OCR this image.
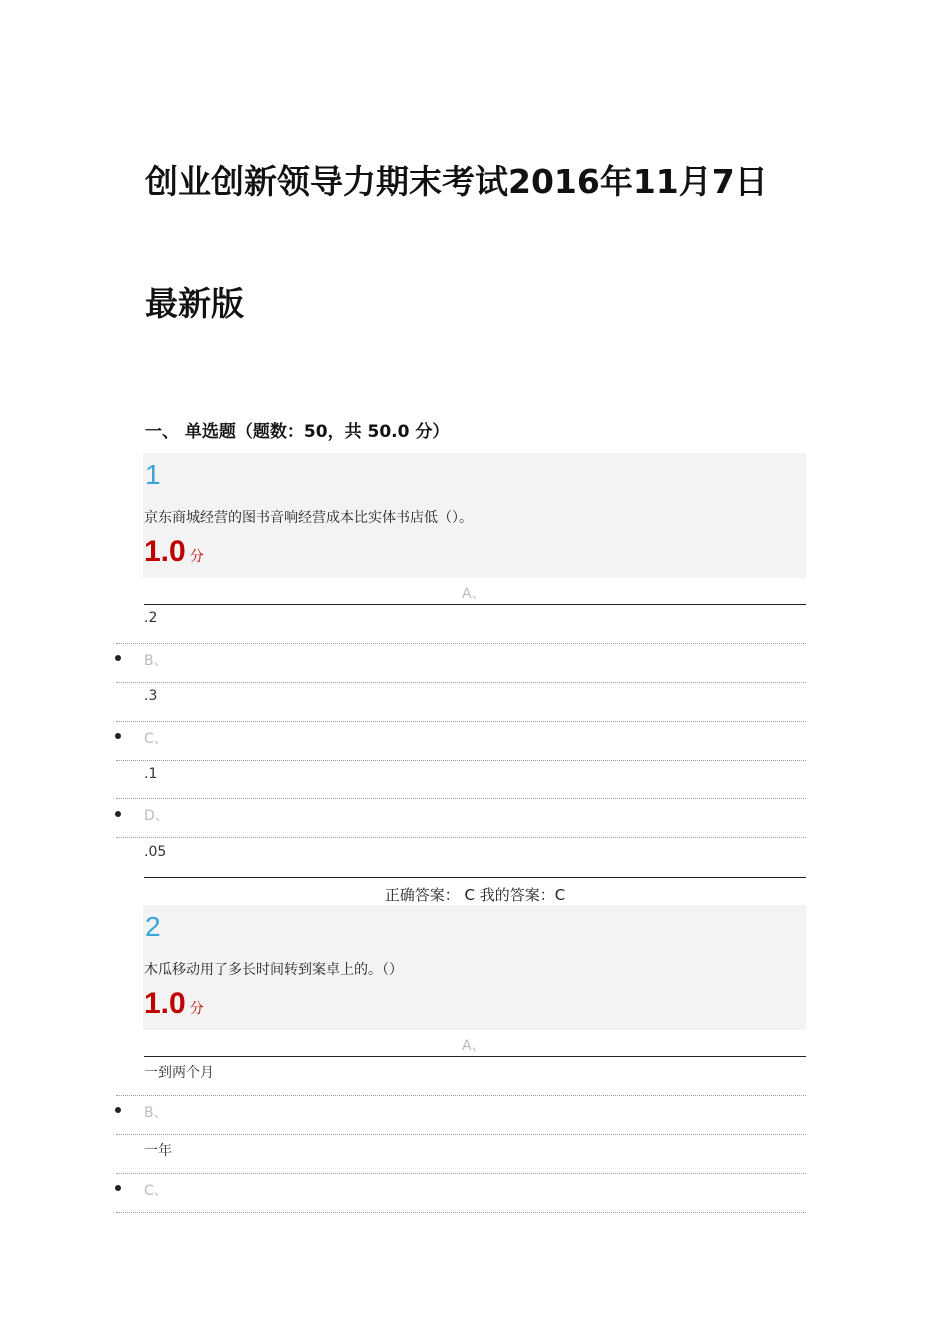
创业创新领导力期末考试2016年11月7日
最新版
一、 单选题（题数：50，共 50.0 分）
1
京东商城经营的图书音响经营成本比实体书店低（）。
1.0 分
A、
.2
B、
.3
C、
.1
D、
.05
正确答案： C 我的答案：C
2
木瓜移动用了多长时间转到案卓上的。（）
1.0 分
A、
一到两个月
B、
一年
C、
